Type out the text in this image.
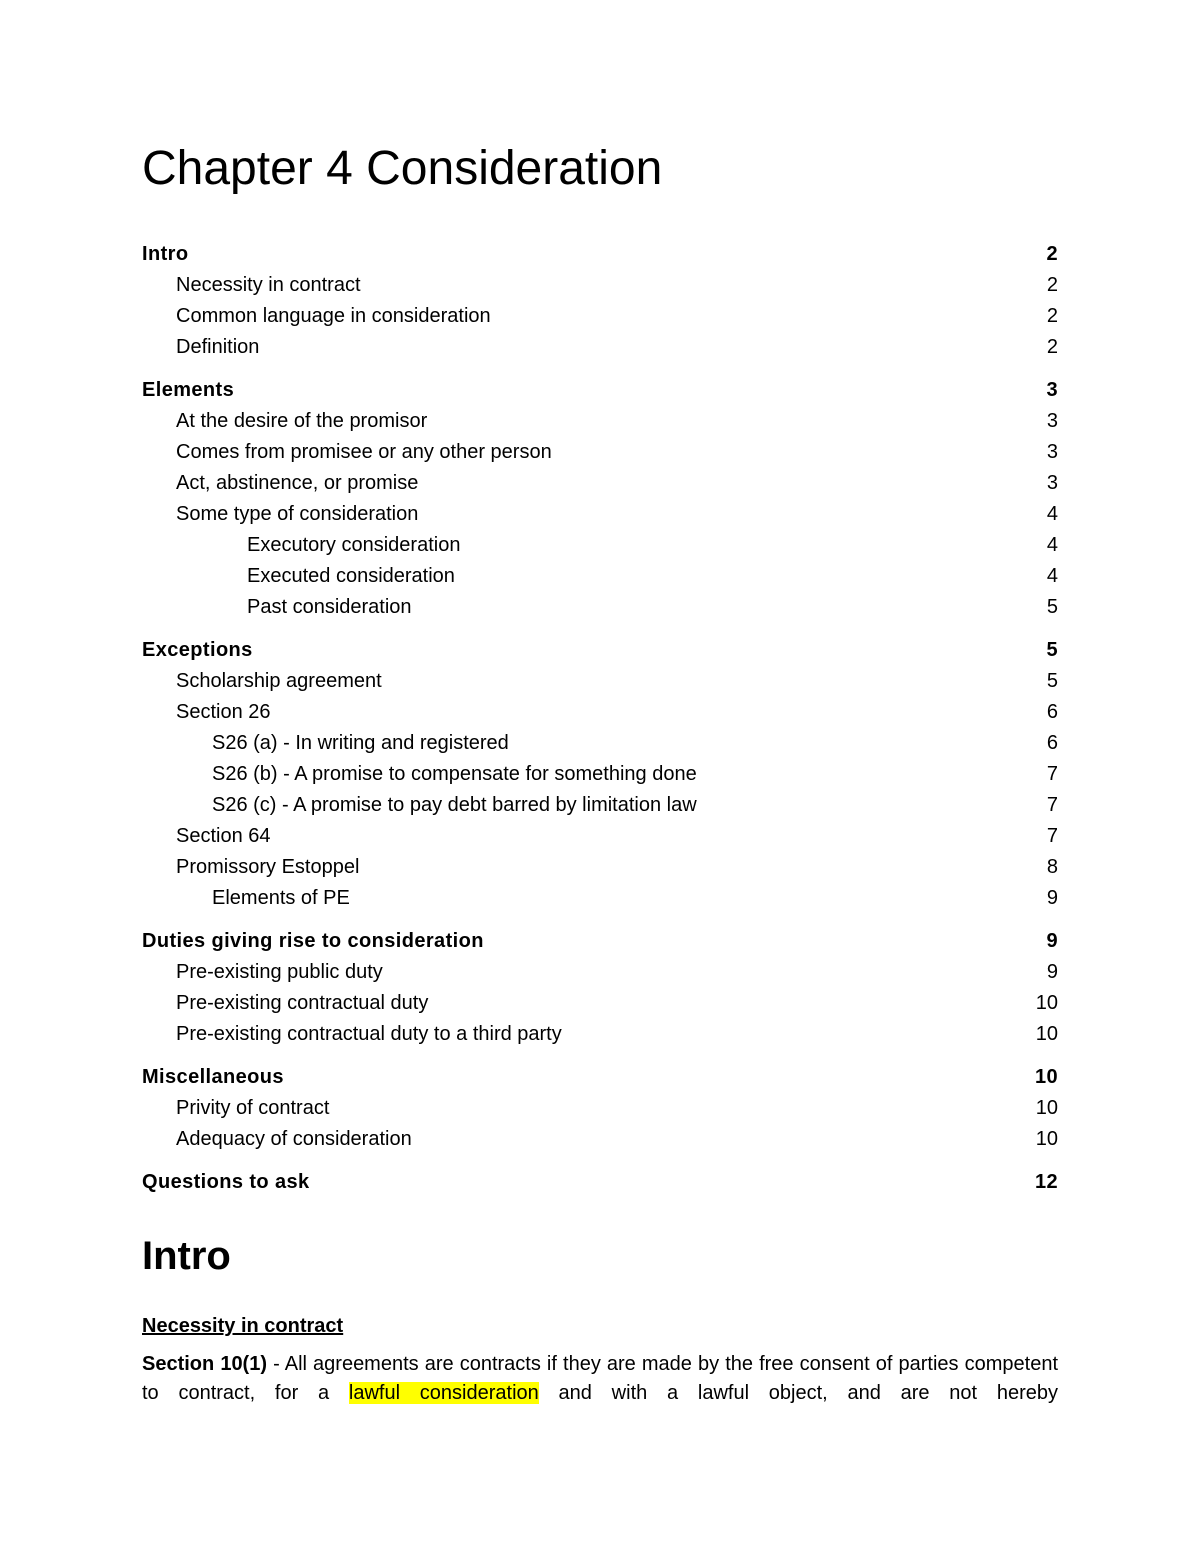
Chapter 4 Consideration
Intro	2
Necessity in contract	2
Common language in consideration	2
Definition	2
Elements	3
At the desire of the promisor	3
Comes from promisee or any other person	3
Act, abstinence, or promise	3
Some type of consideration	4
Executory consideration	4
Executed consideration	4
Past consideration	5
Exceptions	5
Scholarship agreement	5
Section 26	6
S26 (a) - In writing and registered	6
S26 (b) - A promise to compensate for something done	7
S26 (c) - A promise to pay debt barred by limitation law	7
Section 64	7
Promissory Estoppel	8
Elements of PE	9
Duties giving rise to consideration	9
Pre-existing public duty	9
Pre-existing contractual duty	10
Pre-existing contractual duty to a third party	10
Miscellaneous	10
Privity of contract	10
Adequacy of consideration	10
Questions to ask	12
Intro
Necessity in contract

Section 10(1) - All agreements are contracts if they are made by the free consent of parties competent to contract, for a lawful consideration and with a lawful object, and are not hereby
